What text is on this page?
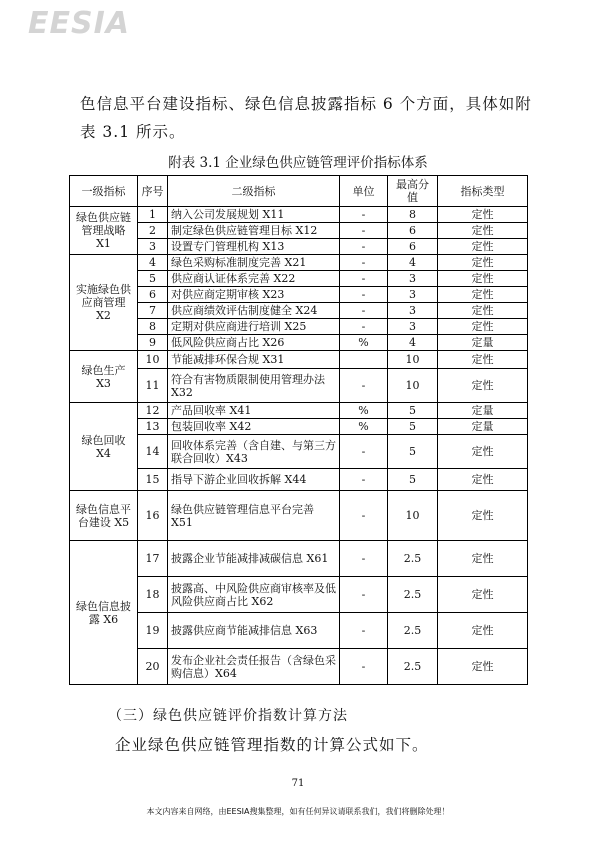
EESIA
色信息平台建设指标、绿色信息披露指标 6 个方面，具体如附
表 3.1 所示。
附表 3.1 企业绿色供应链管理评价指标体系
一级指标	序号	二级指标	单位	最高分值	指标类型
绿色供应链管理战略 X1	1	纳入公司发展规划 X11	-	8	定性
	2	制定绿色供应链管理目标 X12	-	6	定性
	3	设置专门管理机构 X13	-	6	定性
实施绿色供应商管理 X2	4	绿色采购标准制度完善 X21	-	4	定性
	5	供应商认证体系完善 X22	-	3	定性
	6	对供应商定期审核 X23	-	3	定性
	7	供应商绩效评估制度健全 X24	-	3	定性
	8	定期对供应商进行培训 X25	-	3	定性
	9	低风险供应商占比 X26	%	4	定量
绿色生产 X3	10	节能减排环保合规 X31		10	定性
	11	符合有害物质限制使用管理办法 X32	-	10	定性
绿色回收 X4	12	产品回收率 X41	%	5	定量
	13	包装回收率 X42	%	5	定量
	14	回收体系完善（含自建、与第三方联合回收）X43	-	5	定性
	15	指导下游企业回收拆解 X44	-	5	定性
绿色信息平台建设 X5	16	绿色供应链管理信息平台完善 X51	-	10	定性
绿色信息披露 X6	17	披露企业节能减排减碳信息 X61	-	2.5	定性
	18	披露高、中风险供应商审核率及低风险供应商占比 X62	-	2.5	定性
	19	披露供应商节能减排信息 X63	-	2.5	定性
	20	发布企业社会责任报告（含绿色采购信息）X64	-	2.5	定性
（三）绿色供应链评价指数计算方法
企业绿色供应链管理指数的计算公式如下。
71
本文内容来自网络，由EESIA搜集整理，如有任何异议请联系我们，我们将删除处理！
